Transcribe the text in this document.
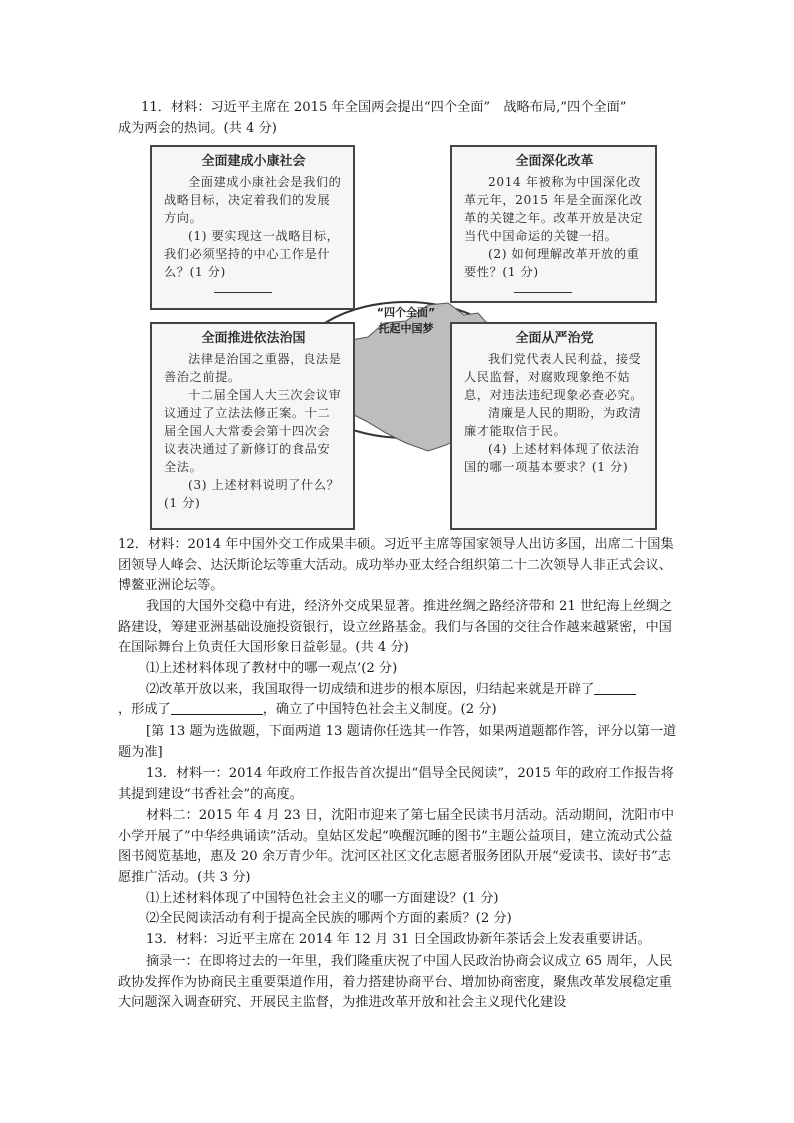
11．材料：习近平主席在 2015 年全国两会提出“四个全面”　战略布局,”四个全面”
成为两会的热词。(共 4 分)
“四个全面”
托起中国梦
全面建成小康社会

全面建成小康社会是我们的战略目标，决定着我们的发展方向。

(1) 要实现这一战略目标，我们必须坚持的中心工作是什么？(1 分)

全面深化改革

2014 年被称为中国深化改革元年，2015 年是全面深化改革的关键之年。改革开放是决定当代中国命运的关键一招。

(2) 如何理解改革开放的重要性？(1 分)

全面推进依法治国

法律是治国之重器，良法是善治之前提。

十二届全国人大三次会议审议通过了立法法修正案。十二届全国人大常委会第十四次会议表决通过了新修订的食品安全法。

(3) 上述材料说明了什么？(1 分)

全面从严治党

我们党代表人民利益，接受人民监督，对腐败现象绝不姑息，对违法违纪现象必查必究。

清廉是人民的期盼，为政清廉才能取信于民。

(4) 上述材料体现了依法治国的哪一项基本要求？(1 分)

12．材料：2014 年中国外交工作成果丰硕。习近平主席等国家领导人出访多国，出席二十国集团领导人峰会、达沃斯论坛等重大活动。成功举办亚太经合组织第二十二次领导人非正式会议、博鳌亚洲论坛等。

我国的大国外交稳中有进，经济外交成果显著。推进丝绸之路经济带和 21 世纪海上丝绸之路建设，筹建亚洲基础设施投资银行，设立丝路基金。我们与各国的交往合作越来越紧密，中国在国际舞台上负责任大国形象日益彰显。(共 4 分)

⑴上述材料体现了教材中的哪一观点’(2 分)
⑵改革开放以来，我国取得一切成绩和进步的根本原因，归结起来就是开辟了
，形成了	，确立了中国特色社会主义制度。(2 分)

[第 13 题为选做题，下面两道 13 题请你任选其一作答，如果两道题都作答，评分以第一道题为准]

13．材料一：2014 年政府工作报告首次提出“倡导全民阅读”，2015 年的政府工作报告将其提到建设“书香社会”的高度。

材料二：2015 年 4 月 23 日，沈阳市迎来了第七届全民读书月活动。活动期间，沈阳市中小学开展了”中华经典诵读”活动。皇姑区发起“唤醒沉睡的图书”主题公益项目，建立流动式公益图书阅览基地，惠及 20 余万青少年。沈河区社区文化志愿者服务团队开展“爱读书、读好书”志愿推广活动。(共 3 分)

⑴上述材料体现了中国特色社会主义的哪一方面建设？(1 分)
⑵全民阅读活动有利于提高全民族的哪两个方面的素质？(2 分)
13．材料：习近平主席在 2014 年 12 月 31 日全国政协新年茶话会上发表重要讲话。

摘录一：在即将过去的一年里，我们隆重庆祝了中国人民政治协商会议成立 65 周年，人民政协发挥作为协商民主重要渠道作用，着力搭建协商平台、增加协商密度，聚焦改革发展稳定重大问题深入调查研究、开展民主监督，为推进改革开放和社会主义现代化建设
